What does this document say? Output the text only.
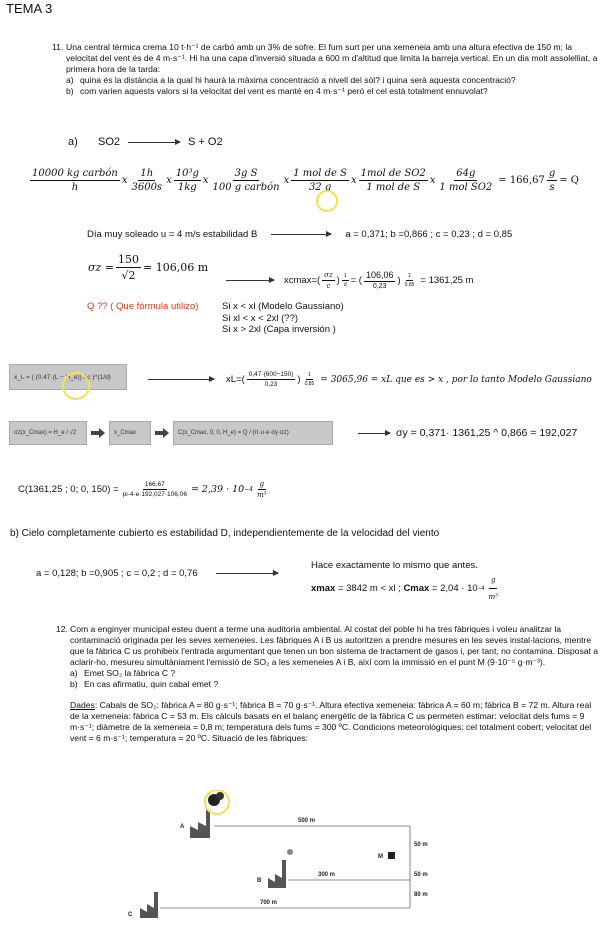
TEMA 3
11. Una central tèrmica crema 10 t·h⁻¹ de carbó amb un 3% de sofre. El fum surt per una xemeneia amb una altura efectiva de 150 m; la velocitat del vent és de 4 m·s⁻¹. Hi ha una capa d'inversió situada a 600 m d'altitud que limita la barreja vertical. En un dia molt assolelliat, a primera hora de la tarda:
a) quina és la distància a la qual hi haurà la màxima concentració a nivell del sòl? i quina serà aquesta concentració?
b) com varien aquests valors si la velocitat del vent es manté en 4 m·s⁻¹ però el cel està totalment ennuvolat?
a)	SO2	S + O2
$\frac{\text{10000 kg carbón}}{h}$ x $\frac{1h}{3600s}$ x $\frac{\text{10³g}}{1kg}$ x $\frac{\text{3g S}}{\text{100 g carbón}}$ x $\frac{\text{1 mol de S}}{32 g}$ x $\frac{\text{1mol de SO2}}{\text{1 mol de S}}$ x $\frac{64g}{\text{1 mol SO2}} = 166,67 \frac{g}{s} = Q$
Día muy soleado u = 4 m/s estabilidad B	a = 0,371; b =0,866 ; c = 0,23 ; d = 0,85
$\sigma z = \frac{150}{√2} = 106,06$ m
$xcmax=( \frac{\sigma z}{c}$ ) $\frac{1}{d}$ = ( $\frac{106,06}{0,23}$ ) $\frac{1}{0,85} = 1361,25$ m
Q ?? ( Que fórmula utilizo) Si x < xl (Modelo Gaussiano)
Si xl < x < 2xl (??)
Si x > 2xl (Capa inversión )
x_L = ( (0,47·(L − H_e)) / c )^(1/d)	$xL=( \frac{0,47\cdot(600-150)}{0,23}$ ) $\frac{1}{0,85} = 3065,96$ = xL que es > x , por lo tanto Modelo Gaussiano
σz(x_Cmax) = H_e / √2	x_Cmax	C(x_Cmax, 0, 0, H_e) = Q / (π·u·e·σy·σz)	σy = 0,371· 1361,25 ^ 0,866 = 192,027
C(1361,25 ; 0; 0, $150) = \frac{166,67}{pi\cdot 4\cdot e\cdot 192,027\cdot 106,06} = 2,39 \cdot 10 -4 \frac{g}{\text{m³}}$
b) Cielo completamente cubierto es estabilidad D, independientemente de la velocidad del viento
a = 0,128; b =0,905 ; c = 0,2 ; d = 0,76
Hace exactamente lo mismo que antes.
xmax = 3842 m < xl ; $Cmax = 2,04 \cdot 10 -4 \frac{g}{\text{m³}}$
12. Com a enginyer municipal esteu duent a terme una auditoria ambiental. Al costat del poble hi ha tres fàbriques i voleu analitzar la contaminació originada per les seves xemeneies. Les fàbriques A i B us autoritzen a prendre mesures en les seves instal·lacions, mentre que la fàbrica C us prohibeix l'entrada argumentant que tenen un bon sistema de tractament de gasos i, per tant, no contamina. Disposat a aclarir-ho, mesureu simultàniament l'emissió de SO₂ a les xemeneies A i B, així com la immissió en el punt M (9·10⁻⁵ g·m⁻³).
a) Emet SO₂ la fàbrica C ?
b) En cas afirmatiu, quin cabal emet ?
Dades: Cabals de SO₂: fàbrica A = 80 g·s⁻¹; fàbrica B = 70 g·s⁻¹. Altura efectiva xemeneia: fàbrica A = 60 m; fàbrica B = 72 m. Altura real de la xemeneia: fàbrica C = 53 m. Els càlculs basats en el balanç energètic de la fàbrica C us permeten estimar: velocitat dels fums = 9 m·s⁻¹; diàmetre de la xemeneia = 0,8 m; temperatura dels fums = 300 ºC. Condicions meteorològiques: cel totalment cobert; velocitat del vent = 6 m·s⁻¹; temperatura = 20 ºC. Situació de les fàbriques:
A
500 m
50 m
M
B
300 m	50 m
C
700 m
80 m
